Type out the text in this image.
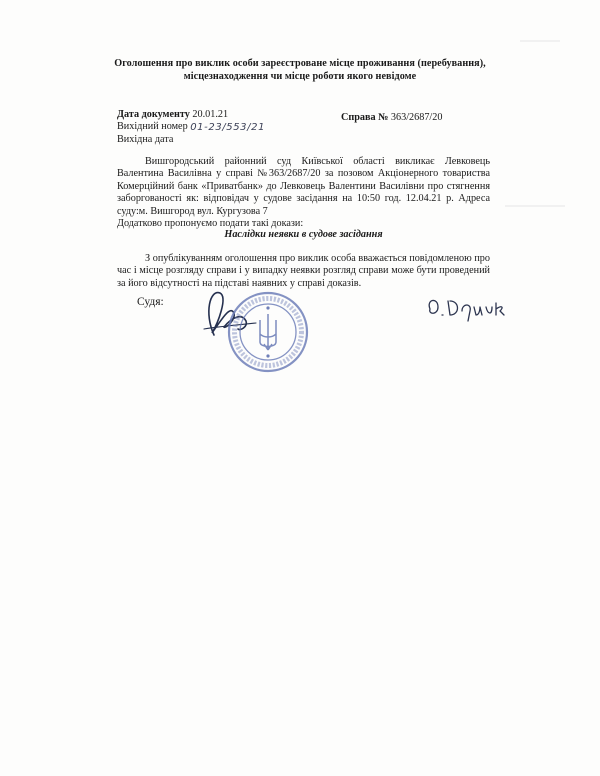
Оголошення про виклик особи зареєстроване місце проживання (перебування),
місцезнаходження чи місце роботи якого невідоме
Дата документу 20.01.21
Вихідний номер 01-23/553/21
Вихідна дата
Справа № 363/2687/20
Вишгородський районний суд Київської області викликає Левковець Валентина Василівна у справі №363/2687/20 за позовом Акціонерного товариства Комерційний банк «Приватбанк» до Левковець Валентини Василівни про стягнення заборгованості як: відповідач у судове засідання на 10:50 год. 12.04.21 р. Адреса суду:м. Вишгород вул. Кургузова 7
Додатково пропонуємо подати такі докази:
Наслідки неявки в судове засідання
З опублікуванням оголошення про виклик особа вважається повідомленою про час і місце розгляду справи і у випадку неявки розгляд справи може бути проведений за його відсутності на підставі наявних у справі доказів.
Судя:
